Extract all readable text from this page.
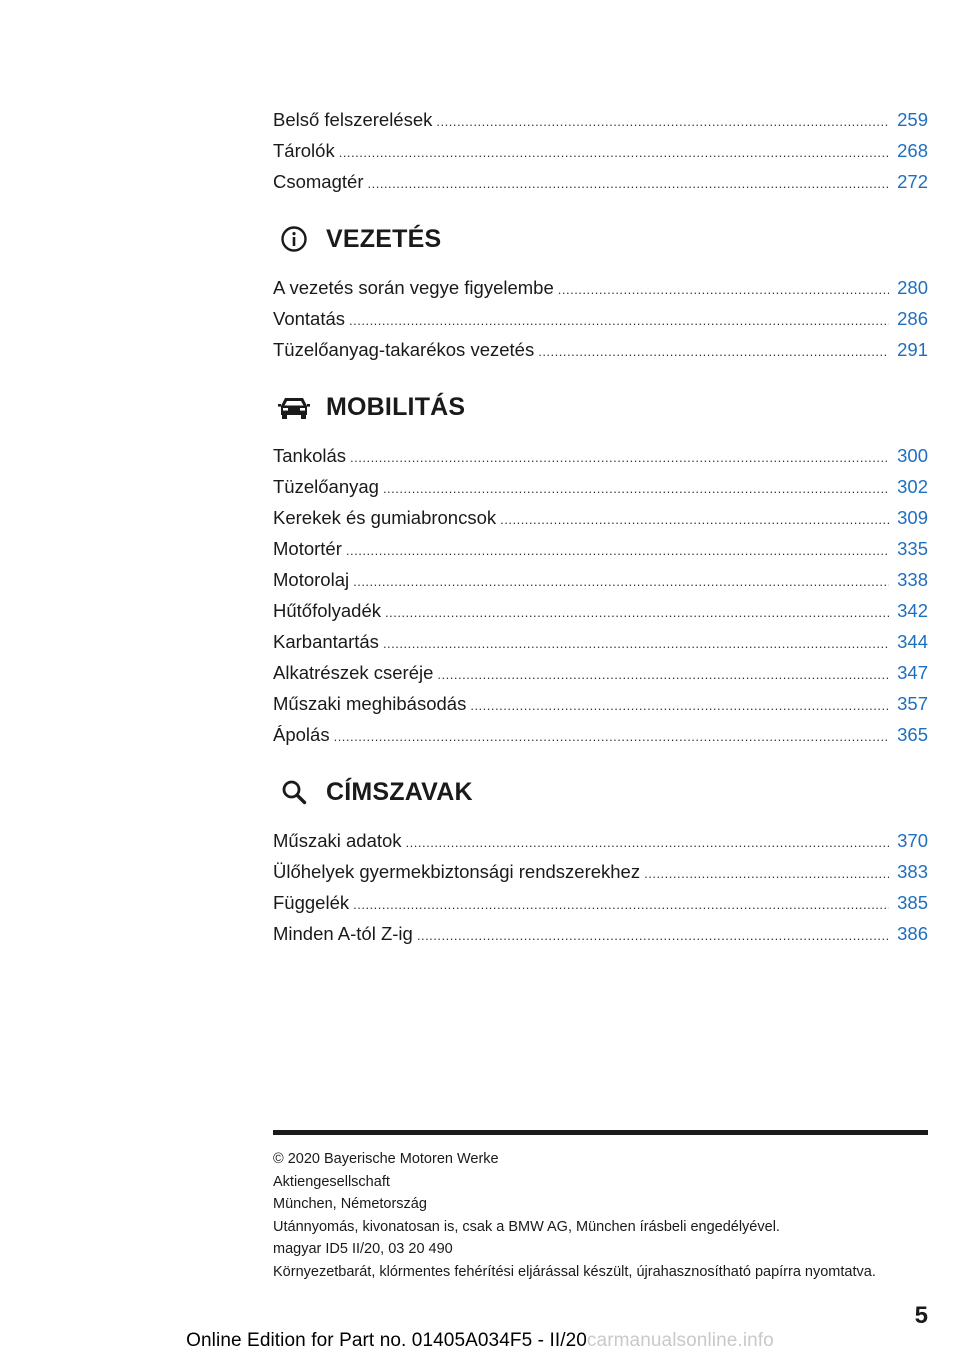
Belső felszerelések .....	259
Tárolók .....	268
Csomagtér .....	272
VEZETÉS
A vezetés során vegye figyelembe .....	280
Vontatás .....	286
Tüzelőanyag-takarékos vezetés .....	291
MOBILITÁS
Tankolás .....	300
Tüzelőanyag .....	302
Kerekek és gumiabroncsok .....	309
Motortér .....	335
Motorolaj .....	338
Hűtőfolyadék .....	342
Karbantartás .....	344
Alkatrészek cseréje .....	347
Műszaki meghibásodás .....	357
Ápolás .....	365
CÍMSZAVAK
Műszaki adatok .....	370
Ülőhelyek gyermekbiztonsági rendszerekhez .....	383
Függelék .....	385
Minden A-tól Z-ig .....	386
© 2020 Bayerische Motoren Werke
Aktiengesellschaft
München, Németország
Utánnyomás, kivonatosan is, csak a BMW AG, München írásbeli engedélyével.
magyar ID5 II/20, 03 20 490
Környezetbarát, klórmentes fehérítési eljárással készült, újrahasznosítható papírra nyomtatva.
5
Online Edition for Part no. 01405A034F5 - II/20carmanualsonline.info
